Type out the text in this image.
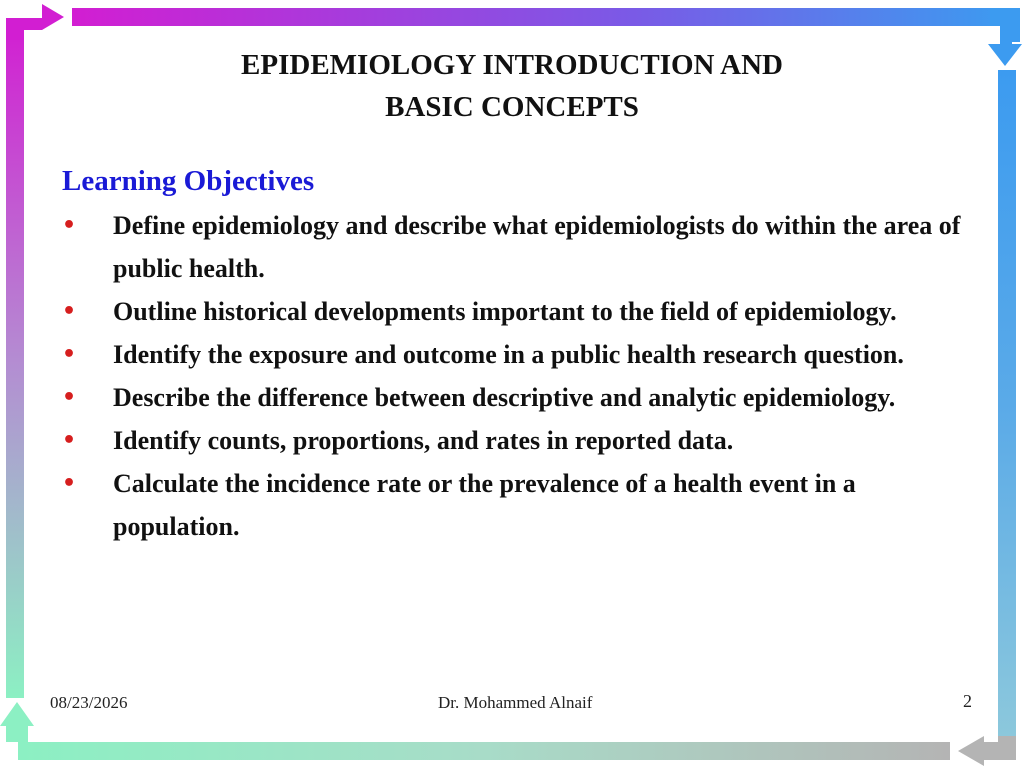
EPIDEMIOLOGY INTRODUCTION AND
BASIC CONCEPTS
Learning Objectives
• Define epidemiology and describe what epidemiologists do within the area of public health.
• Outline historical developments important to the field of epidemiology.
• Identify the exposure and outcome in a public health research question.
• Describe the difference between descriptive and analytic epidemiology.
• Identify counts, proportions, and rates in reported data.
• Calculate the incidence rate or the prevalence of a health event in a population.
08/23/2026	Dr. Mohammed Alnaif	2
